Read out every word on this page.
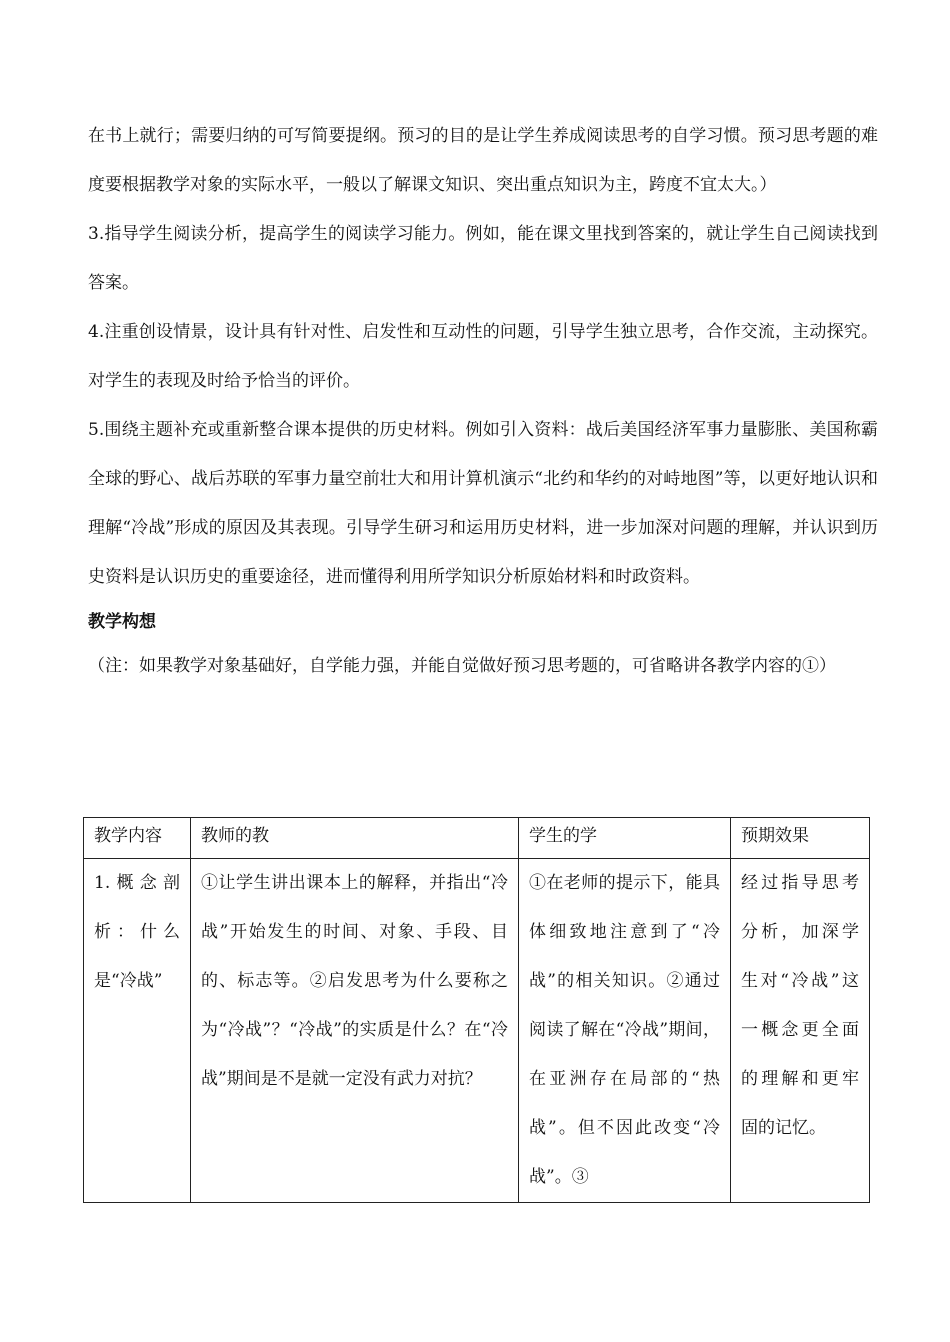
在书上就行；需要归纳的可写简要提纲。预习的目的是让学生养成阅读思考的自学习惯。预习思考题的难度要根据教学对象的实际水平，一般以了解课文知识、突出重点知识为主，跨度不宜太大。）

3.指导学生阅读分析，提高学生的阅读学习能力。例如，能在课文里找到答案的，就让学生自己阅读找到答案。

4.注重创设情景，设计具有针对性、启发性和互动性的问题，引导学生独立思考，合作交流，主动探究。对学生的表现及时给予恰当的评价。

5.围绕主题补充或重新整合课本提供的历史材料。例如引入资料：战后美国经济军事力量膨胀、美国称霸全球的野心、战后苏联的军事力量空前壮大和用计算机演示“北约和华约的对峙地图”等，以更好地认识和理解“冷战”形成的原因及其表现。引导学生研习和运用历史材料，进一步加深对问题的理解，并认识到历史资料是认识历史的重要途径，进而懂得利用所学知识分析原始材料和时政资料。

教学构想

（注：如果教学对象基础好，自学能力强，并能自觉做好预习思考题的，可省略讲各教学内容的①）

教学内容	教师的教	学生的学	预期效果
1.概念剖析：什么是“冷战”	①让学生讲出课本上的解释，并指出“冷战”开始发生的时间、对象、手段、目的、标志等。②启发思考为什么要称之为“冷战”？“冷战”的实质是什么？在“冷战”期间是不是就一定没有武力对抗？	①在老师的提示下，能具体细致地注意到了“冷战”的相关知识。②通过阅读了解在“冷战”期间，在亚洲存在局部的“热战”。但不因此改变“冷战”。③	经过指导思考分析，加深学生对“冷战”这一概念更全面的理解和更牢固的记忆。
